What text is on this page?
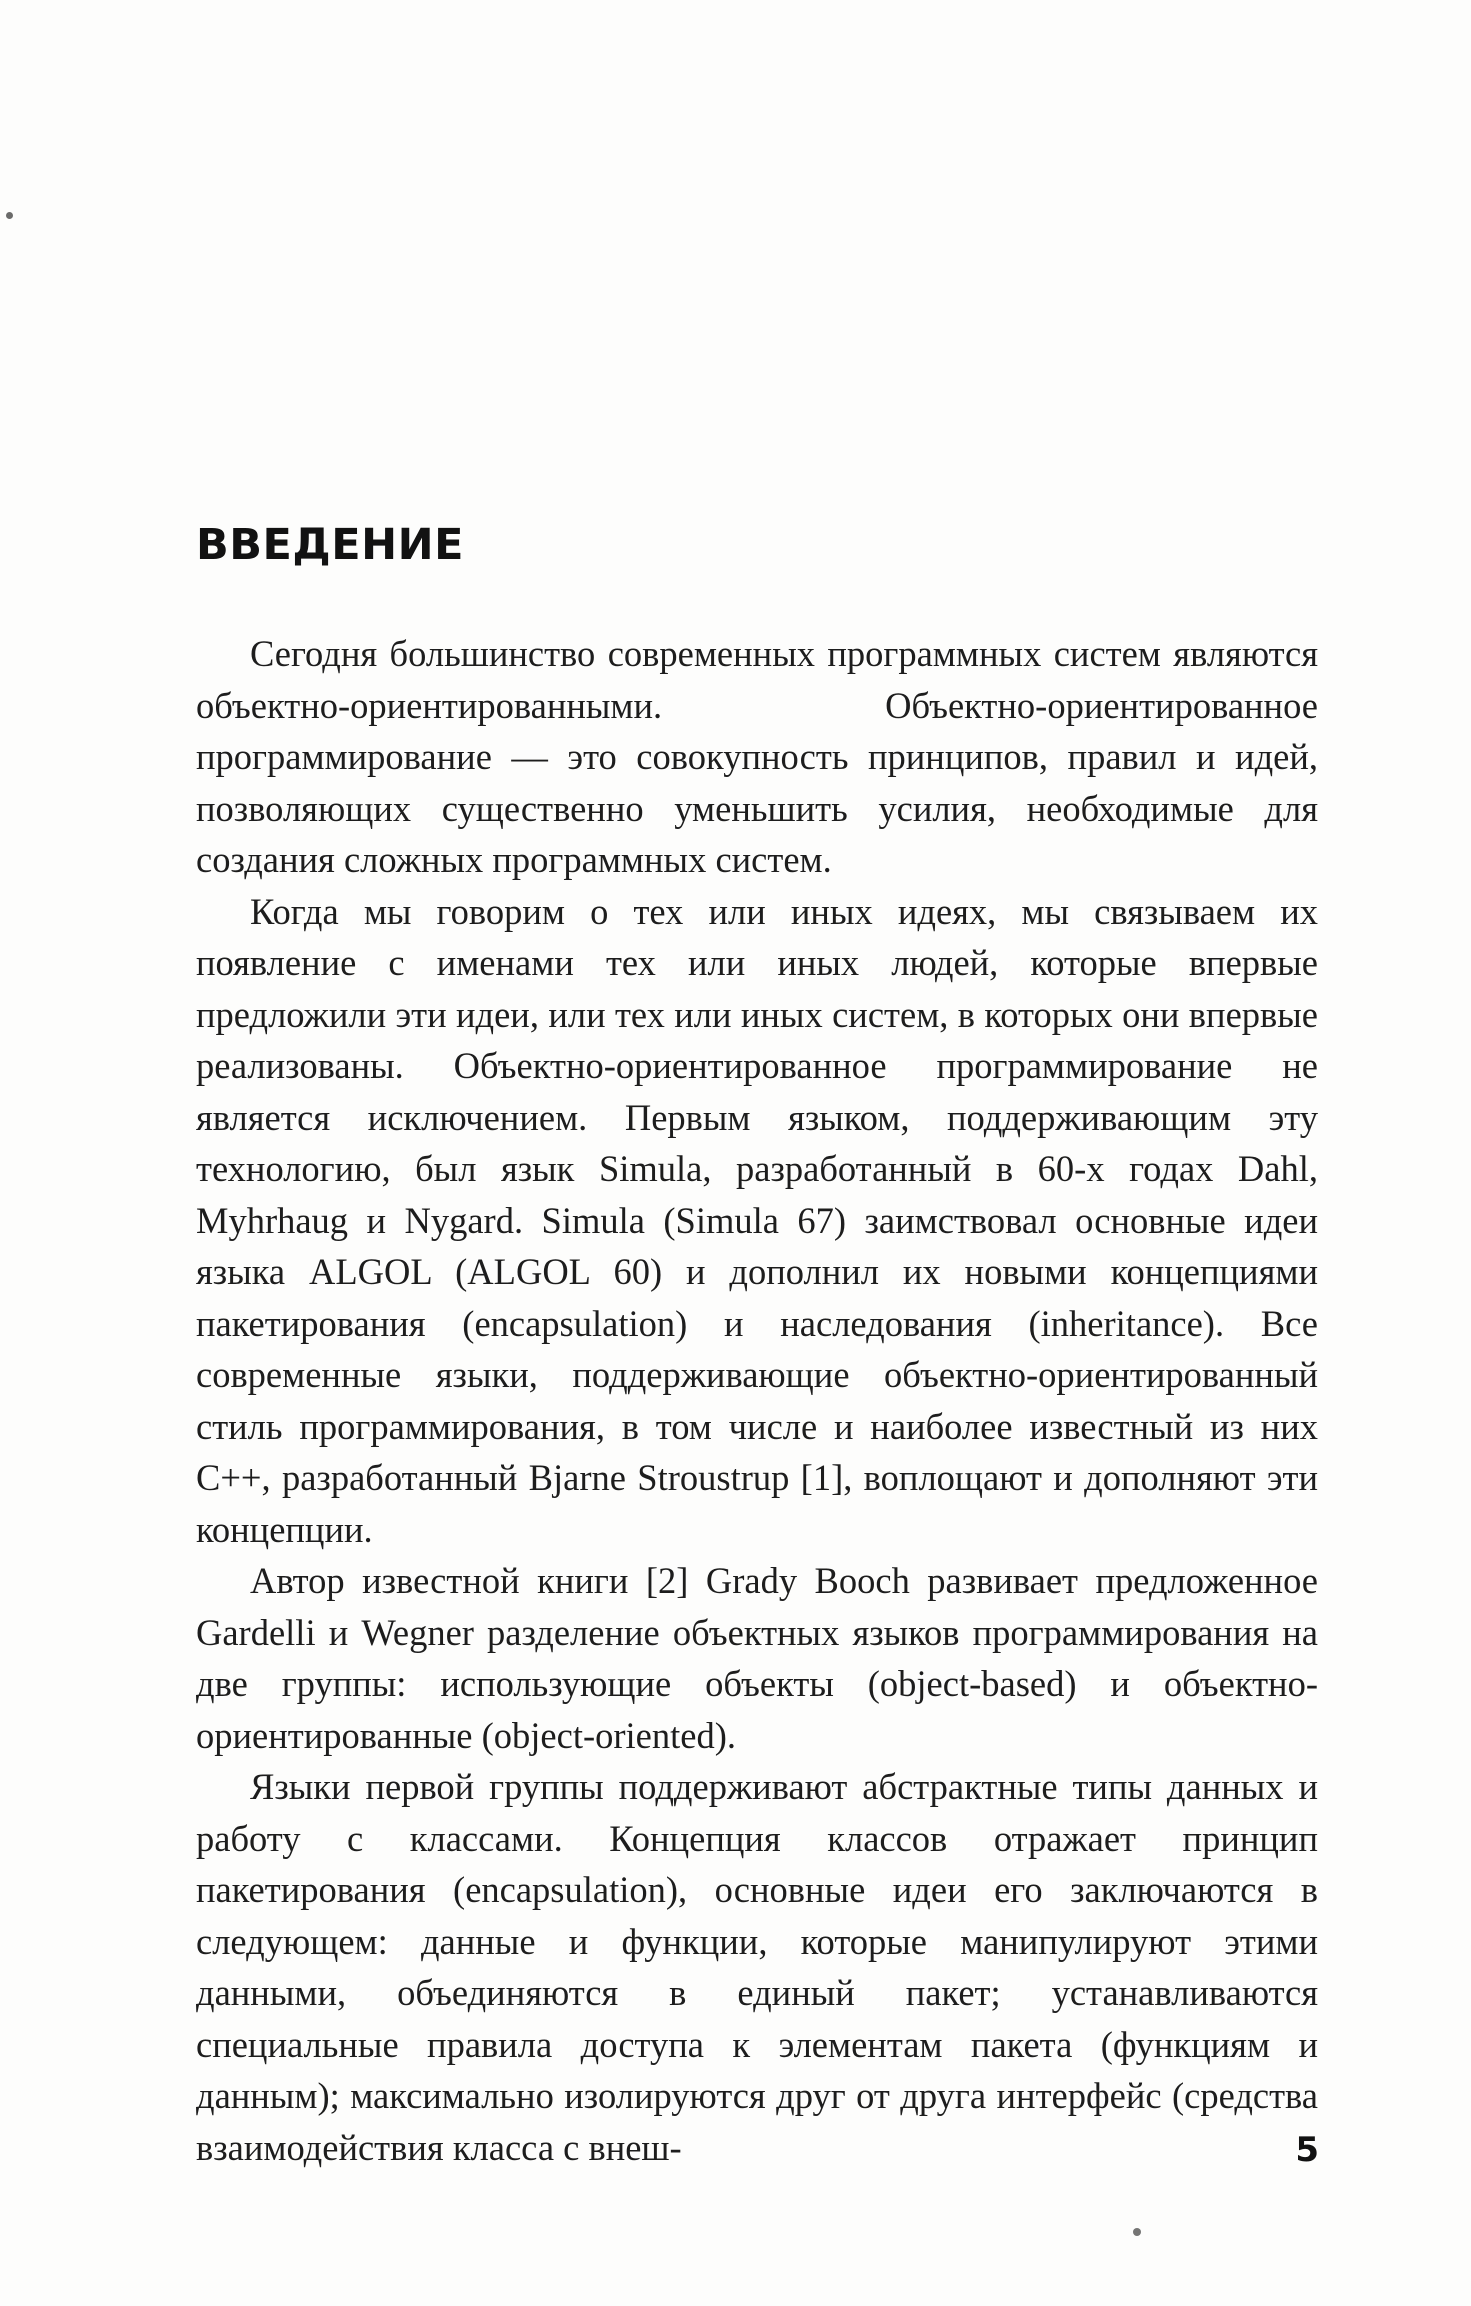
ВВЕДЕНИЕ

Сегодня большинство современных программных систем являются объектно-ориентированными. Объектно-ориентированное программирование — это совокупность принципов, правил и идей, позволяющих существенно уменьшить усилия, необходимые для создания сложных программных систем.

Когда мы говорим о тех или иных идеях, мы связываем их появление с именами тех или иных людей, которые впервые предложили эти идеи, или тех или иных систем, в которых они впервые реализованы. Объектно-ориентированное программирование не является исключением. Первым языком, поддерживающим эту технологию, был язык Simula, разработанный в 60-х годах Dahl, Myhrhaug и Nygard. Simula (Simula 67) заимствовал основные идеи языка ALGOL (ALGOL 60) и дополнил их новыми концепциями пакетирования (encapsulation) и наследования (inheritance). Все современные языки, поддерживающие объектно-ориентированный стиль программирования, в том числе и наиболее известный из них C++, разработанный Bjarne Stroustrup [1], воплощают и дополняют эти концепции.

Автор известной книги [2] Grady Booch развивает предложенное Gardelli и Wegner разделение объектных языков программирования на две группы: использующие объекты (object-based) и объектно-ориентированные (object-oriented).

Языки первой группы поддерживают абстрактные типы данных и работу с классами. Концепция классов отражает принцип пакетирования (encapsulation), основные идеи его заключаются в следующем: данные и функции, которые манипулируют этими данными, объединяются в единый пакет; устанавливаются специальные правила доступа к элементам пакета (функциям и данным); максимально изолируются друг от друга интерфейс (средства взаимодействия класса с внеш-	5
